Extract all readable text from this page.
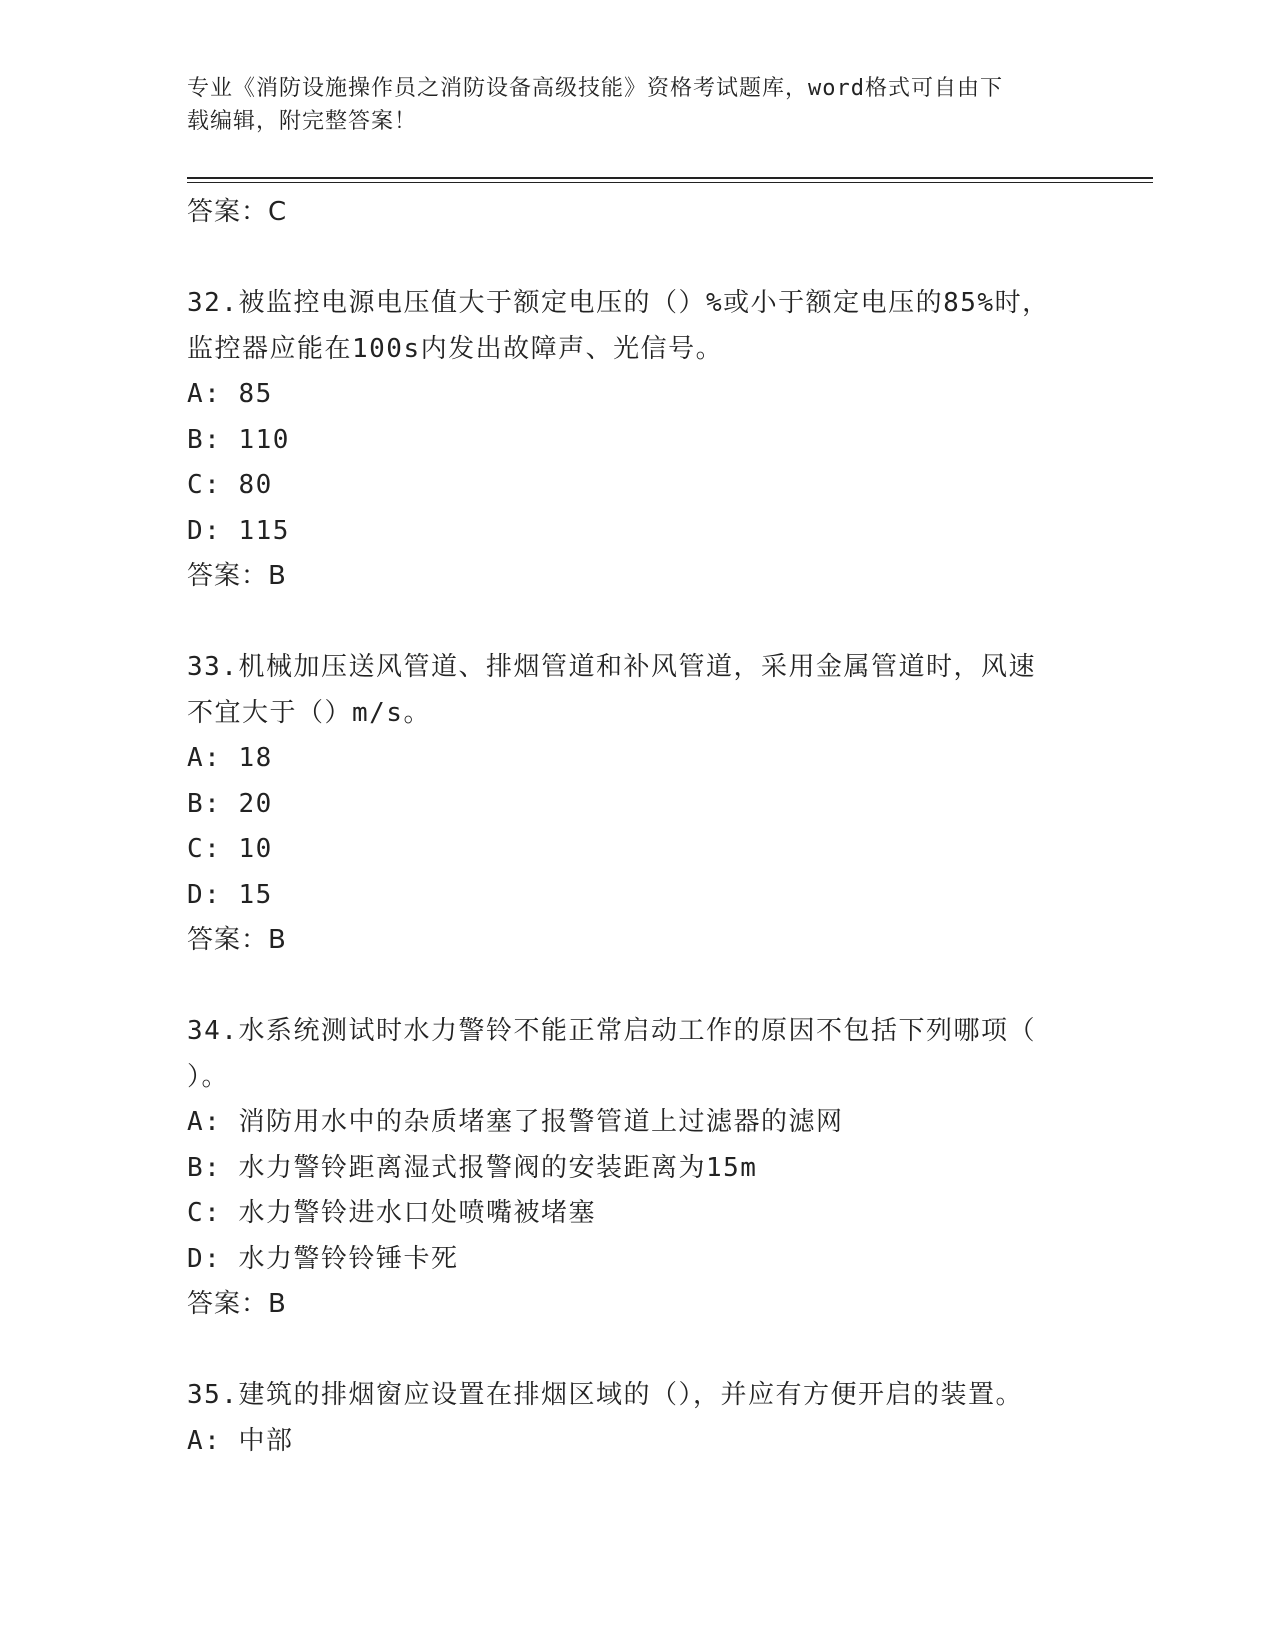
专业《消防设施操作员之消防设备高级技能》资格考试题库，word格式可自由下
载编辑，附完整答案！
答案：C
32.被监控电源电压值大于额定电压的（）%或小于额定电压的85%时，
监控器应能在100s内发出故障声、光信号。
A: 85
B: 110
C: 80
D: 115
答案：B
33.机械加压送风管道、排烟管道和补风管道，采用金属管道时，风速
不宜大于（）m/s。
A: 18
B: 20
C: 10
D: 15
答案：B
34.水系统测试时水力警铃不能正常启动工作的原因不包括下列哪项（
）。
A: 消防用水中的杂质堵塞了报警管道上过滤器的滤网
B: 水力警铃距离湿式报警阀的安装距离为15m
C: 水力警铃进水口处喷嘴被堵塞
D: 水力警铃铃锤卡死
答案：B
35.建筑的排烟窗应设置在排烟区域的（），并应有方便开启的装置。
A: 中部
